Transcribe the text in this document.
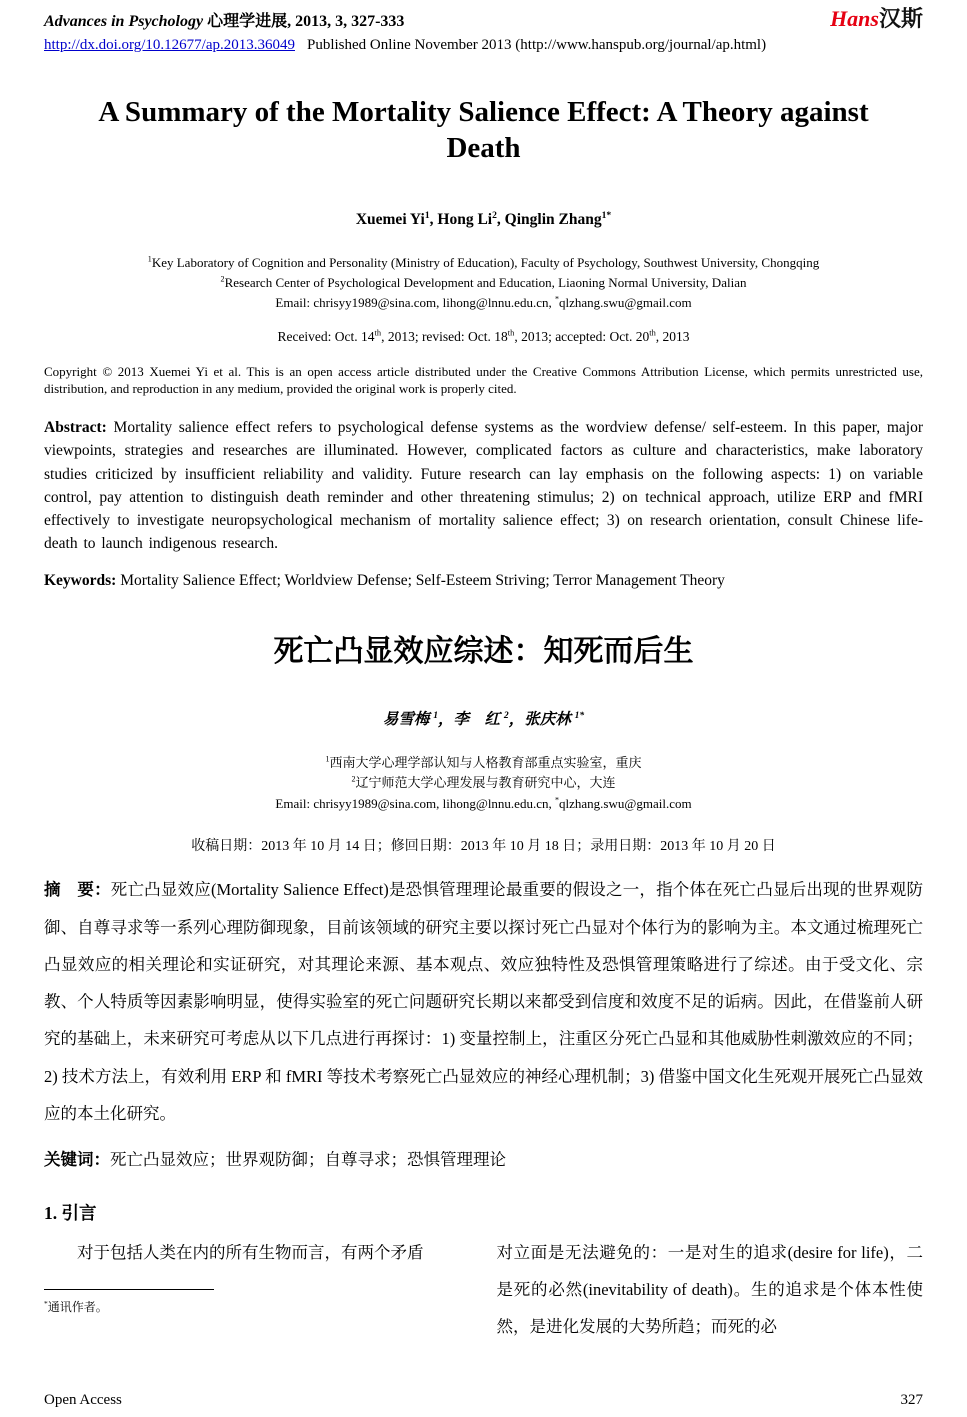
Advances in Psychology 心理学进展, 2013, 3, 327-333
http://dx.doi.org/10.12677/ap.2013.36049 Published Online November 2013 (http://www.hanspub.org/journal/ap.html)
Hans汉斯
A Summary of the Mortality Salience Effect: A Theory against Death

Xuemei Yi$^1$, Hong Li$^2$, Qinglin Zhang$^{1*}$

$^1$Key Laboratory of Cognition and Personality (Ministry of Education), Faculty of Psychology, Southwest University, Chongqing

$^2$Research Center of Psychological Development and Education, Liaoning Normal University, Dalian

Email: chrisyy1989@sina.com, lihong@lnnu.edu.cn, *qlzhang.swu@gmail.com

Received: Oct. 14th, 2013; revised: Oct. 18th, 2013; accepted: Oct. 20th, 2013

Copyright © 2013 Xuemei Yi et al. This is an open access article distributed under the Creative Commons Attribution License, which permits unrestricted use, distribution, and reproduction in any medium, provided the original work is properly cited.

Abstract: Mortality salience effect refers to psychological defense systems as the wordview defense/ self-esteem. In this paper, major viewpoints, strategies and researches are illuminated. However, complicated factors as culture and characteristics, make laboratory studies criticized by insufficient reliability and validity. Future research can lay emphasis on the following aspects: 1) on variable control, pay attention to distinguish death reminder and other threatening stimulus; 2) on technical approach, utilize ERP and fMRI effectively to investigate neuropsychological mechanism of mortality salience effect; 3) on research orientation, consult Chinese life-death to launch indigenous research.

Keywords: Mortality Salience Effect; Worldview Defense; Self-Esteem Striving; Terror Management Theory

死亡凸显效应综述：知死而后生

易雪梅 $^1$，李　红 $^2$，张庆林 $^{1*}$

$^1$西南大学心理学部认知与人格教育部重点实验室，重庆

$^2$辽宁师范大学心理发展与教育研究中心，大连

Email: chrisyy1989@sina.com, lihong@lnnu.edu.cn, *qlzhang.swu@gmail.com

收稿日期：2013 年 10 月 14 日；修回日期：2013 年 10 月 18 日；录用日期：2013 年 10 月 20 日

摘　要：死亡凸显效应(Mortality Salience Effect)是恐惧管理理论最重要的假设之一，指个体在死亡凸显后出现的世界观防御、自尊寻求等一系列心理防御现象，目前该领域的研究主要以探讨死亡凸显对个体行为的影响为主。本文通过梳理死亡凸显效应的相关理论和实证研究，对其理论来源、基本观点、效应独特性及恐惧管理策略进行了综述。由于受文化、宗教、个人特质等因素影响明显，使得实验室的死亡问题研究长期以来都受到信度和效度不足的诟病。因此，在借鉴前人研究的基础上，未来研究可考虑从以下几点进行再探讨：1) 变量控制上，注重区分死亡凸显和其他威胁性刺激效应的不同；2) 技术方法上，有效利用 ERP 和 fMRI 等技术考察死亡凸显效应的神经心理机制；3) 借鉴中国文化生死观开展死亡凸显效应的本土化研究。

关键词：死亡凸显效应；世界观防御；自尊寻求；恐惧管理理论

1. 引言

对于包括人类在内的所有生物而言，有两个矛盾

*通讯作者。

对立面是无法避免的：一是对生的追求(desire for life)，二是死的必然(inevitability of death)。生的追求是个体本性使然，是进化发展的大势所趋；而死的必

Open Access	327
